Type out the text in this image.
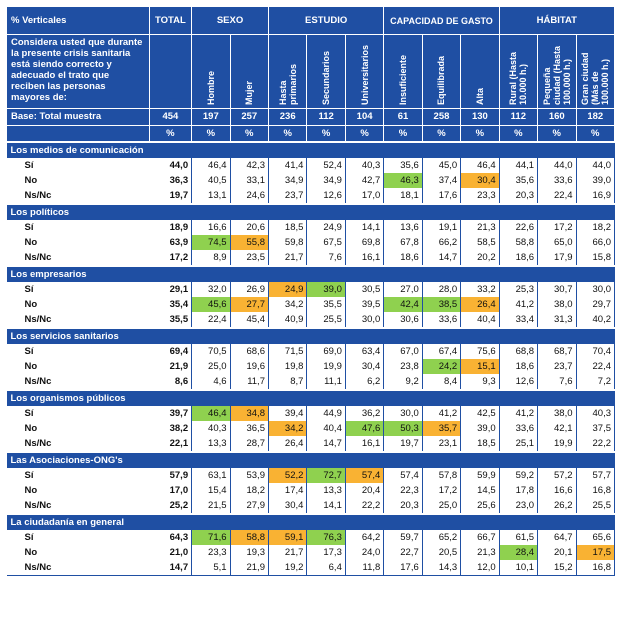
% Verticales	TOTAL	SEXO		ESTUDIO			CAPACIDAD DE GASTO			HÁBITAT		
Considera usted que durante la presente crisis sanitaria está siendo correcto y adecuado el trato que reciben las personas mayores de:		Hombre	Mujer	Hasta primarios	Secundarios	Universitarios	Insuficiente	Equilibrada	Alta	Rural (Hasta 10.000 h.)	Pequeña ciudad (Hasta 100.000 h.)	Gran ciudad (Más de 100.000 h.)

Base: Total muestra	454	197	257	236	112	104	61	258	130	112	160	182
	%	%	%	%	%	%	%	%	%	%	%	%
Los medios de comunicación												
Sí	44,0	46,4	42,3	41,4	52,4	40,3	35,6	45,0	46,4	44,1	44,0	44,0
No	36,3	40,5	33,1	34,9	34,9	42,7	46,3	37,4	30,4	35,6	33,6	39,0
Ns/Nc	19,7	13,1	24,6	23,7	12,6	17,0	18,1	17,6	23,3	20,3	22,4	16,9
Los políticos												
Sí	18,9	16,6	20,6	18,5	24,9	14,1	13,6	19,1	21,3	22,6	17,2	18,2
No	63,9	74,5	55,8	59,8	67,5	69,8	67,8	66,2	58,5	58,8	65,0	66,0
Ns/Nc	17,2	8,9	23,5	21,7	7,6	16,1	18,6	14,7	20,2	18,6	17,9	15,8
Los empresarios												
Sí	29,1	32,0	26,9	24,9	39,0	30,5	27,0	28,0	33,2	25,3	30,7	30,0
No	35,4	45,6	27,7	34,2	35,5	39,5	42,4	38,5	26,4	41,2	38,0	29,7
Ns/Nc	35,5	22,4	45,4	40,9	25,5	30,0	30,6	33,6	40,4	33,4	31,3	40,2
Los servicios sanitarios												
Sí	69,4	70,5	68,6	71,5	69,0	63,4	67,0	67,4	75,6	68,8	68,7	70,4
No	21,9	25,0	19,6	19,8	19,9	30,4	23,8	24,2	15,1	18,6	23,7	22,4
Ns/Nc	8,6	4,6	11,7	8,7	11,1	6,2	9,2	8,4	9,3	12,6	7,6	7,2
Los organismos públicos												
Sí	39,7	46,4	34,8	39,4	44,9	36,2	30,0	41,2	42,5	41,2	38,0	40,3
No	38,2	40,3	36,5	34,2	40,4	47,6	50,3	35,7	39,0	33,6	42,1	37,5
Ns/Nc	22,1	13,3	28,7	26,4	14,7	16,1	19,7	23,1	18,5	25,1	19,9	22,2
Las Asociaciones-ONG's												
Sí	57,9	63,1	53,9	52,2	72,7	57,4	57,4	57,8	59,9	59,2	57,2	57,7
No	17,0	15,4	18,2	17,4	13,3	20,4	22,3	17,2	14,5	17,8	16,6	16,8
Ns/Nc	25,2	21,5	27,9	30,4	14,1	22,2	20,3	25,0	25,6	23,0	26,2	25,5
La ciudadanía en general												
Sí	64,3	71,6	58,8	59,1	76,3	64,2	59,7	65,2	66,7	61,5	64,7	65,6
No	21,0	23,3	19,3	21,7	17,3	24,0	22,7	20,5	21,3	28,4	20,1	17,5
Ns/Nc	14,7	5,1	21,9	19,2	6,4	11,8	17,6	14,3	12,0	10,1	15,2	16,8
